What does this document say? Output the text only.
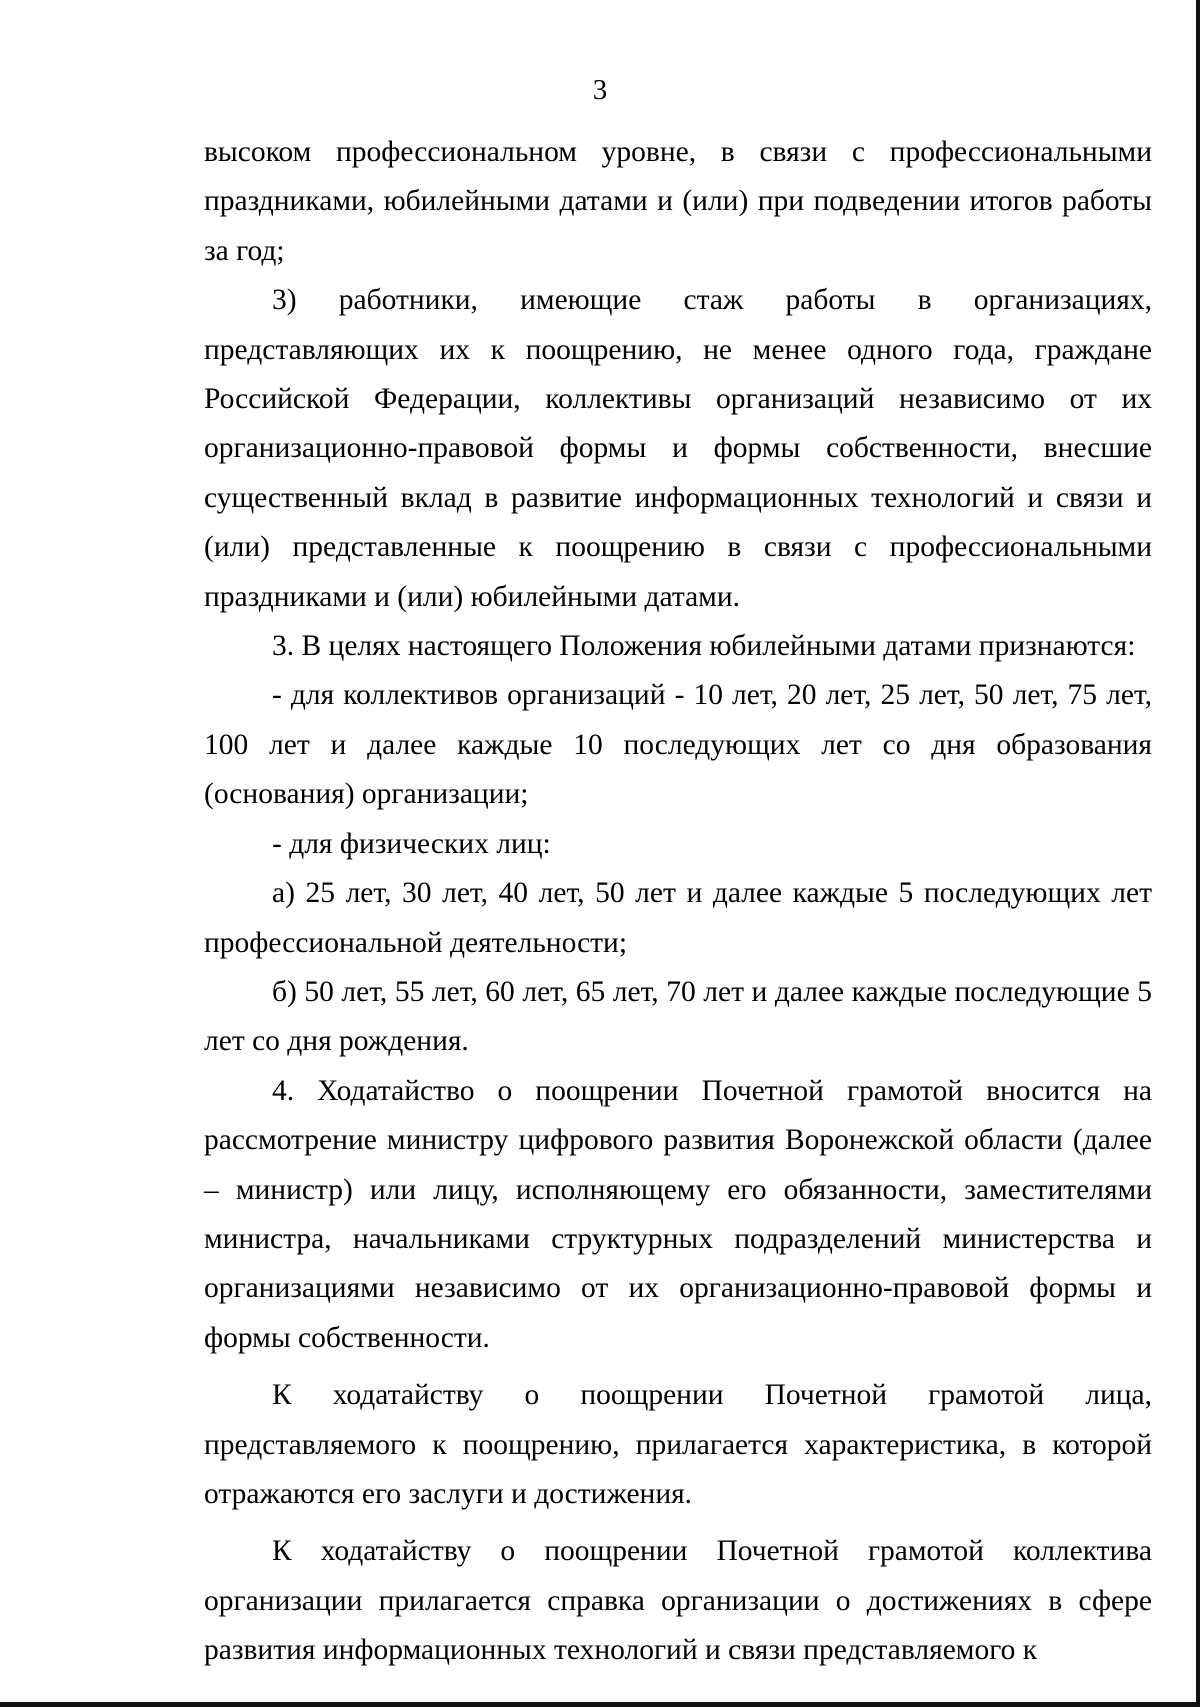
3

высоком профессиональном уровне, в связи с профессиональными праздниками, юбилейными датами и (или) при подведении итогов работы за год;

3) работники, имеющие стаж работы в организациях, представляющих их к поощрению, не менее одного года, граждане Российской Федерации, коллективы организаций независимо от их организационно-правовой формы и формы собственности, внесшие существенный вклад в развитие информационных технологий и связи и (или) представленные к поощрению в связи с профессиональными праздниками и (или) юбилейными датами.

3. В целях настоящего Положения юбилейными датами признаются:

- для коллективов организаций - 10 лет, 20 лет, 25 лет, 50 лет, 75 лет, 100 лет и далее каждые 10 последующих лет со дня образования (основания) организации;

- для физических лиц:

а) 25 лет, 30 лет, 40 лет, 50 лет и далее каждые 5 последующих лет профессиональной деятельности;

б) 50 лет, 55 лет, 60 лет, 65 лет, 70 лет и далее каждые последующие 5 лет со дня рождения.

4. Ходатайство о поощрении Почетной грамотой вносится на рассмотрение министру цифрового развития Воронежской области (далее – министр) или лицу, исполняющему его обязанности, заместителями министра, начальниками структурных подразделений министерства и организациями независимо от их организационно-правовой формы и формы собственности.

К ходатайству о поощрении Почетной грамотой лица, представляемого к поощрению, прилагается характеристика, в которой отражаются его заслуги и достижения.

К ходатайству о поощрении Почетной грамотой коллектива организации прилагается справка организации о достижениях в сфере развития информационных технологий и связи представляемого к
